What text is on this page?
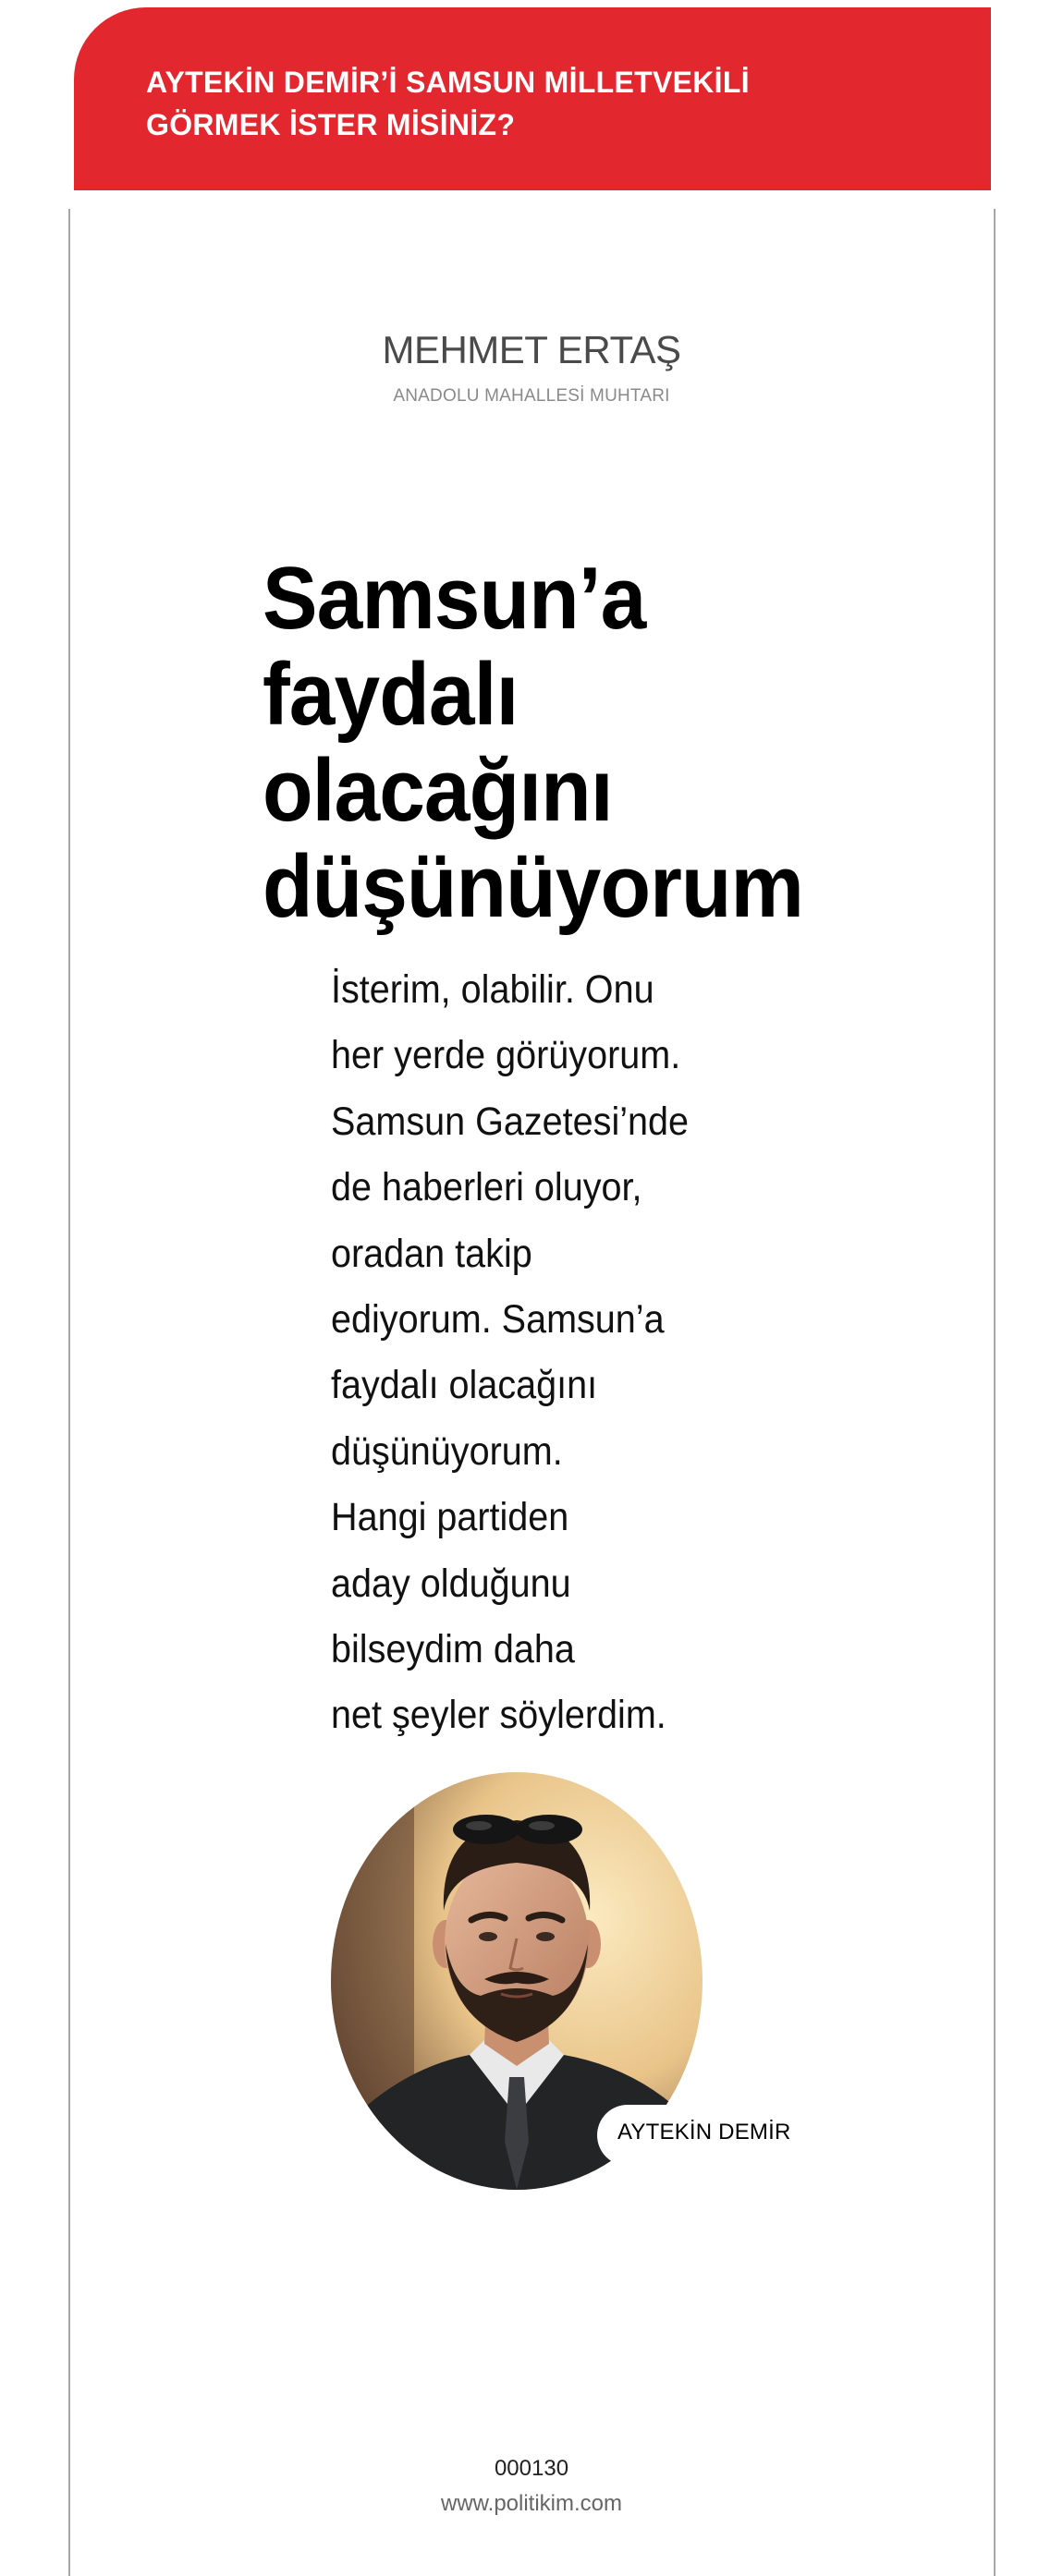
AYTEKİN DEMİR’İ SAMSUN MİLLETVEKİLİ
GÖRMEK İSTER MİSİNİZ?
MEHMET ERTAŞ
ANADOLU MAHALLESİ MUHTARI
Samsun’a
faydalı
olacağını
düşünüyorum
İsterim, olabilir. Onu
her yerde görüyorum.
Samsun Gazetesi’nde
de haberleri oluyor,
oradan takip
ediyorum. Samsun’a
faydalı olacağını
düşünüyorum.
Hangi partiden
aday olduğunu
bilseydim daha
net şeyler söylerdim.
AYTEKİN DEMİR
000130
www.politikim.com
